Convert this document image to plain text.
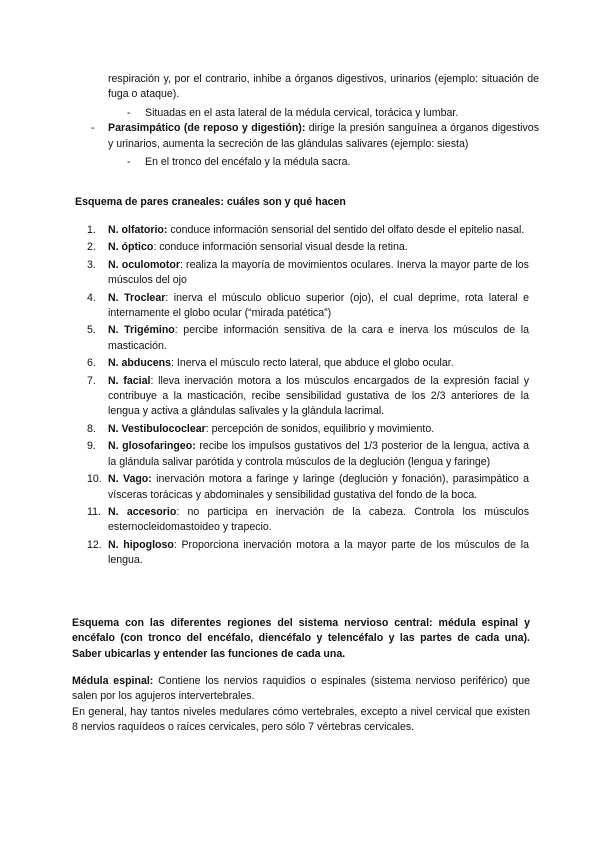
respiración y, por el contrario, inhibe a órganos digestivos, urinarios (ejemplo: situación de fuga o ataque).

- Situadas en el asta lateral de la médula cervical, torácica y lumbar.
- Parasimpático (de reposo y digestión): dirige la presión sanguínea a órganos digestivos y urinarios, aumenta la secreción de las glándulas salivares (ejemplo: siesta)
- En el tronco del encéfalo y la médula sacra.

Esquema de pares craneales: cuáles son y qué hacen

1.	N. olfatorio: conduce información sensorial del sentido del olfato desde el epitelio nasal.
2.	N. óptico: conduce información sensorial visual desde la retina.
3.	N. oculomotor: realiza la mayoría de movimientos oculares. Inerva la mayor parte de los músculos del ojo
4.	N. Troclear: inerva el músculo oblicuo superior (ojo), el cual deprime, rota lateral e internamente el globo ocular (“mirada patética”)
5.	N. Trigémino: percibe información sensitiva de la cara e inerva los músculos de la masticación.
6.	N. abducens: Inerva el músculo recto lateral, que abduce el globo ocular.
7.	N. facial: lleva inervación motora a los músculos encargados de la expresión facial y contribuye a la masticación, recibe sensibilidad gustativa de los 2/3 anteriores de la lengua y activa a glándulas salivales y la glándula lacrimal.
8.	N. Vestibulococlear: percepción de sonidos, equilibrio y movimiento.
9.	N. glosofaringeo: recibe los impulsos gustativos del 1/3 posterior de la lengua, activa a la glándula salivar parótida y controla músculos de la deglución (lengua y faringe)
10. N. Vago: inervación motora a faringe y laringe (deglución y fonación), parasimpático a vísceras torácicas y abdominales y sensibilidad gustativa del fondo de la boca.
11. N. accesorio: no participa en inervación de la cabeza. Controla los músculos esternocleidomastoideo y trapecio.
12. N. hipogloso: Proporciona inervación motora a la mayor parte de los músculos de la lengua.

Esquema con las diferentes regiones del sistema nervioso central: médula espinal y encéfalo (con tronco del encéfalo, diencéfalo y telencéfalo y las partes de cada una). Saber ubicarlas y entender las funciones de cada una.

Médula espinal: Contiene los nervios raquidios o espinales (sistema nervioso periférico) que salen por los agujeros intervertebrales.

En general, hay tantos niveles medulares cómo vertebrales, excepto a nivel cervical que existen 8 nervios raquídeos o raíces cervicales, pero sólo 7 vértebras cervicales.
